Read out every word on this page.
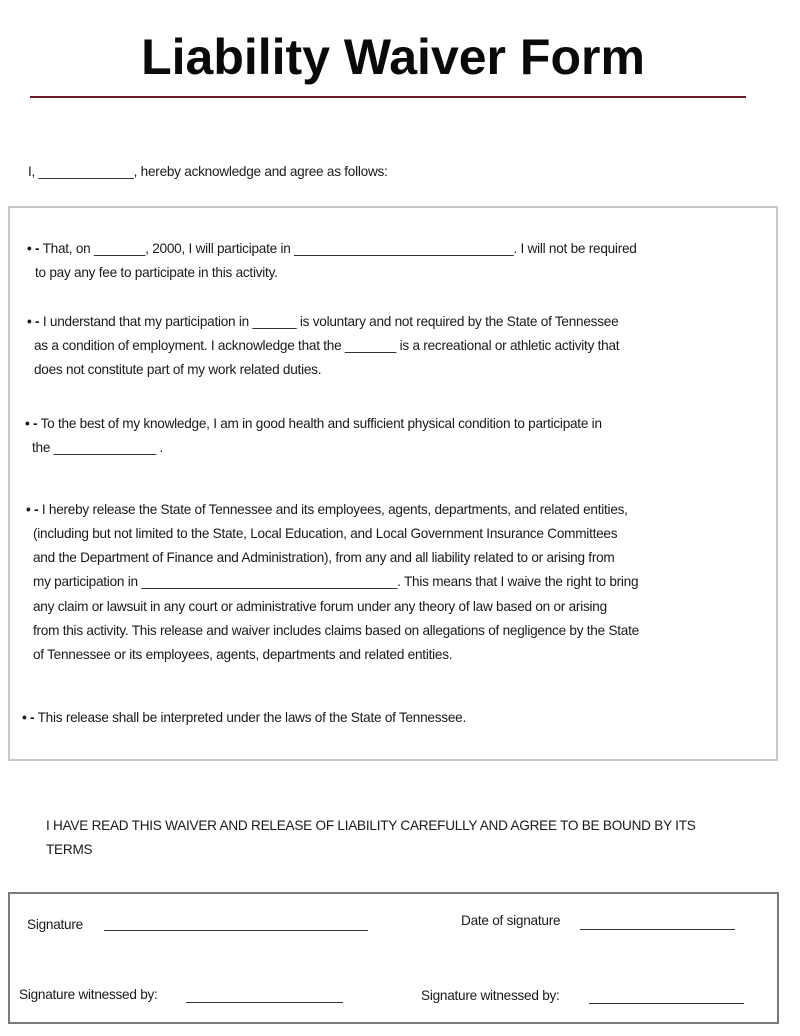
Liability Waiver Form
I, _____________, hereby acknowledge and agree as follows:
• - That, on _______, 2000, I will participate in ______________________________. I will not be required
to pay any fee to participate in this activity.
• - I understand that my participation in ______ is voluntary and not required by the State of Tennessee
as a condition of employment. I acknowledge that the _______ is a recreational or athletic activity that
does not constitute part of my work related duties.
• - To the best of my knowledge, I am in good health and sufficient physical condition to participate in
the ______________ .
• - I hereby release the State of Tennessee and its employees, agents, departments, and related entities,
(including but not limited to the State, Local Education, and Local Government Insurance Committees
and the Department of Finance and Administration), from any and all liability related to or arising from
my participation in ___________________________________. This means that I waive the right to bring
any claim or lawsuit in any court or administrative forum under any theory of law based on or arising
from this activity. This release and waiver includes claims based on allegations of negligence by the State
of Tennessee or its employees, agents, departments and related entities.
• - This release shall be interpreted under the laws of the State of Tennessee.
I HAVE READ THIS WAIVER AND RELEASE OF LIABILITY CAREFULLY AND AGREE TO BE BOUND BY ITS
TERMS
Signature	Date of signature
Signature witnessed by:	Signature witnessed by:
